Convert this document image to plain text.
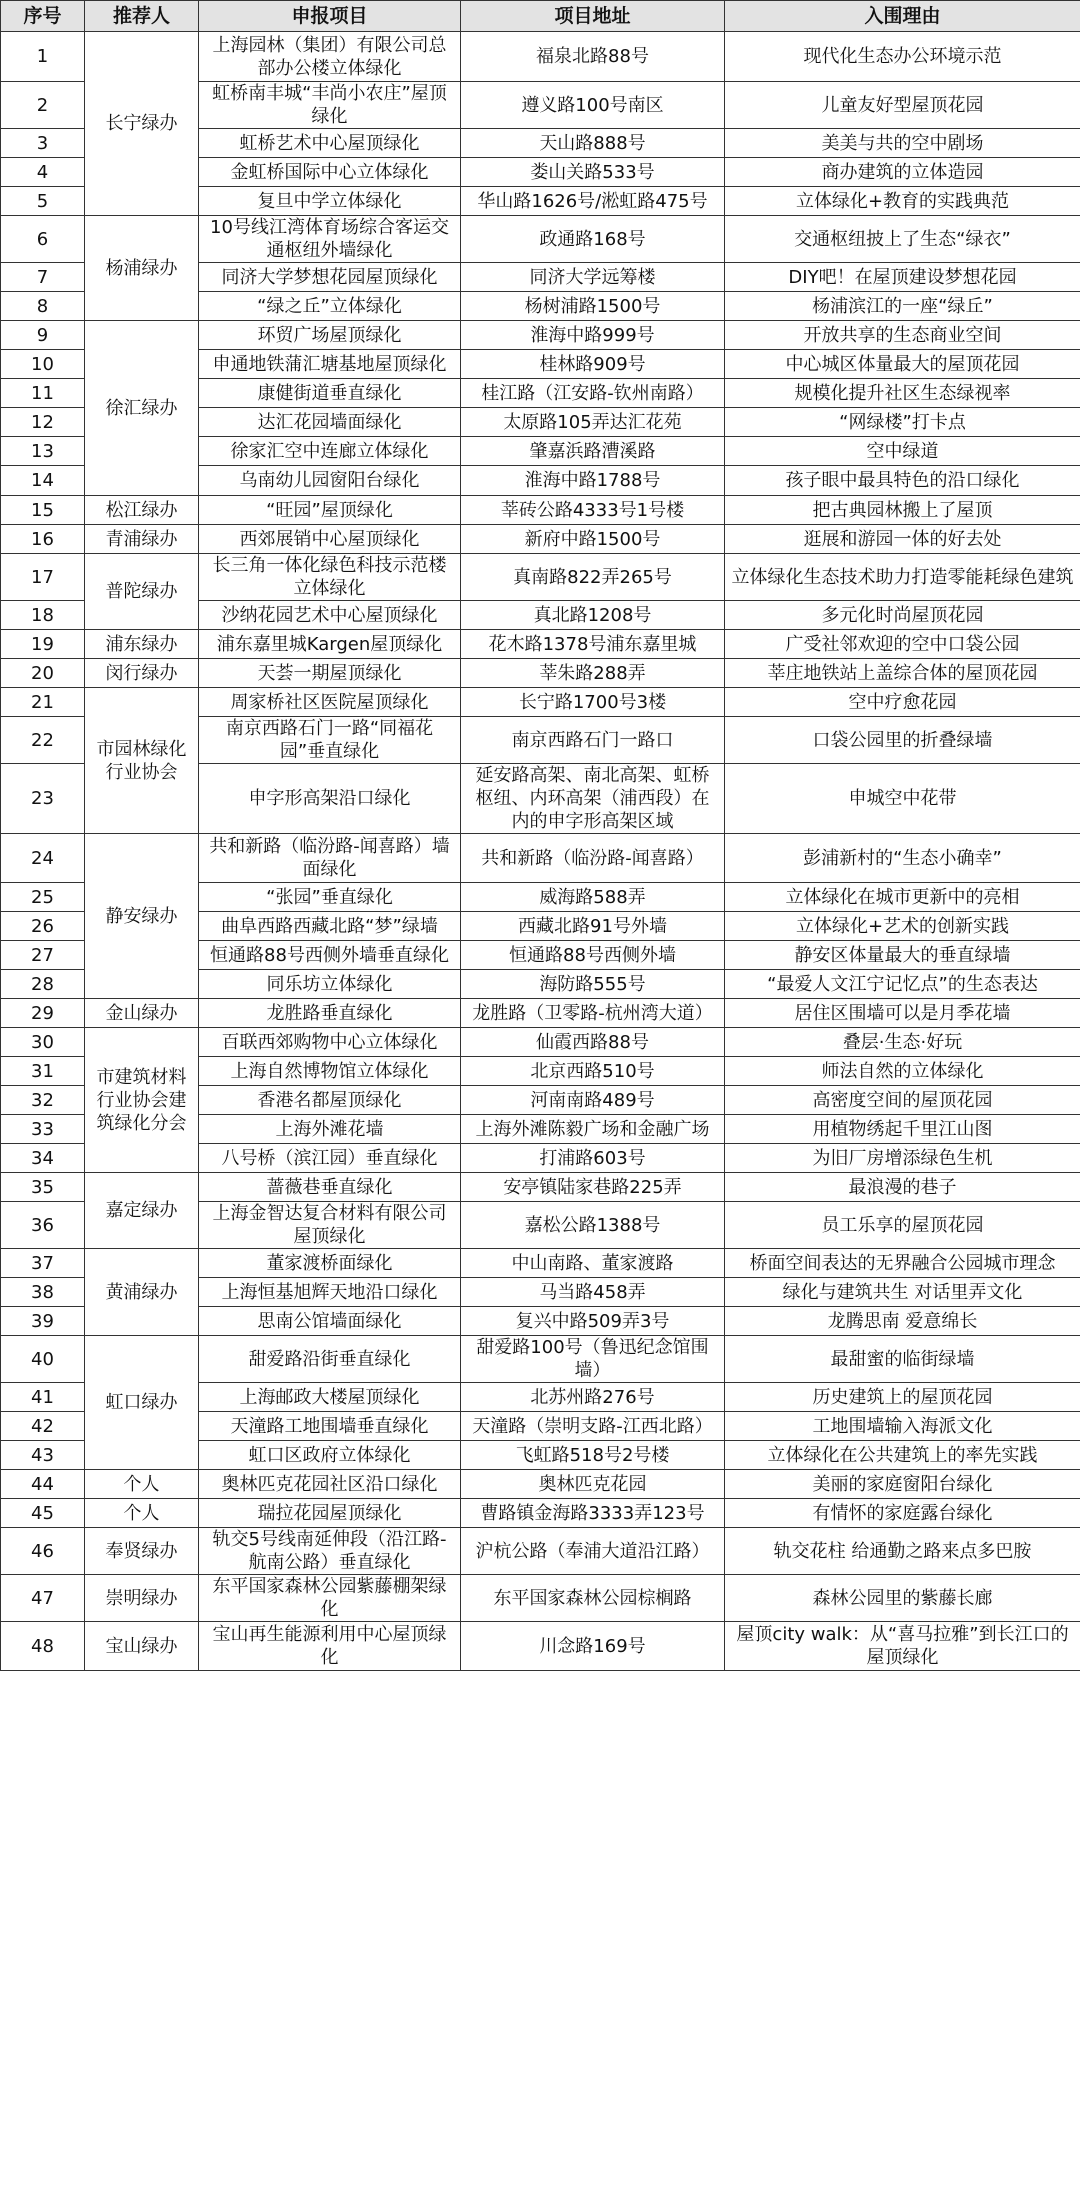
序号	推荐人	申报项目	项目地址	入围理由
1	长宁绿办	上海园林（集团）有限公司总部办公楼立体绿化	福泉北路88号	现代化生态办公环境示范
2		虹桥南丰城“丰尚小农庄”屋顶绿化	遵义路100号南区	儿童友好型屋顶花园
3		虹桥艺术中心屋顶绿化	天山路888号	美美与共的空中剧场
4		金虹桥国际中心立体绿化	娄山关路533号	商办建筑的立体造园
5		复旦中学立体绿化	华山路1626号/淞虹路475号	立体绿化+教育的实践典范
6	杨浦绿办	10号线江湾体育场综合客运交通枢纽外墙绿化	政通路168号	交通枢纽披上了生态“绿衣”
7		同济大学梦想花园屋顶绿化	同济大学远筹楼	DIY吧！在屋顶建设梦想花园
8		“绿之丘”立体绿化	杨树浦路1500号	杨浦滨江的一座“绿丘”
9	徐汇绿办	环贸广场屋顶绿化	淮海中路999号	开放共享的生态商业空间
10		申通地铁蒲汇塘基地屋顶绿化	桂林路909号	中心城区体量最大的屋顶花园
11		康健街道垂直绿化	桂江路（江安路-钦州南路）	规模化提升社区生态绿视率
12		达汇花园墙面绿化	太原路105弄达汇花苑	“网绿楼”打卡点
13		徐家汇空中连廊立体绿化	肇嘉浜路漕溪路	空中绿道
14		乌南幼儿园窗阳台绿化	淮海中路1788号	孩子眼中最具特色的沿口绿化
15	松江绿办	“旺园”屋顶绿化	莘砖公路4333号1号楼	把古典园林搬上了屋顶
16	青浦绿办	西郊展销中心屋顶绿化	新府中路1500号	逛展和游园一体的好去处
17	普陀绿办	长三角一体化绿色科技示范楼立体绿化	真南路822弄265号	立体绿化生态技术助力打造零能耗绿色建筑
18		沙纳花园艺术中心屋顶绿化	真北路1208号	多元化时尚屋顶花园
19	浦东绿办	浦东嘉里城Kargen屋顶绿化	花木路1378号浦东嘉里城	广受社邻欢迎的空中口袋公园
20	闵行绿办	天荟一期屋顶绿化	莘朱路288弄	莘庄地铁站上盖综合体的屋顶花园
21	市园林绿化行业协会	周家桥社区医院屋顶绿化	长宁路1700号3楼	空中疗愈花园
22		南京西路石门一路“同福花园”垂直绿化	南京西路石门一路口	口袋公园里的折叠绿墙
23		申字形高架沿口绿化	延安路高架、南北高架、虹桥枢纽、内环高架（浦西段）在内的申字形高架区域	申城空中花带
24	静安绿办	共和新路（临汾路-闻喜路）墙面绿化	共和新路（临汾路-闻喜路）	彭浦新村的“生态小确幸”
25		“张园”垂直绿化	威海路588弄	立体绿化在城市更新中的亮相
26		曲阜西路西藏北路“梦”绿墙	西藏北路91号外墙	立体绿化+艺术的创新实践
27		恒通路88号西侧外墙垂直绿化	恒通路88号西侧外墙	静安区体量最大的垂直绿墙
28		同乐坊立体绿化	海防路555号	“最爱人文江宁记忆点”的生态表达
29	金山绿办	龙胜路垂直绿化	龙胜路（卫零路-杭州湾大道）	居住区围墙可以是月季花墙
30	市建筑材料行业协会建筑绿化分会	百联西郊购物中心立体绿化	仙霞西路88号	叠层·生态·好玩
31		上海自然博物馆立体绿化	北京西路510号	师法自然的立体绿化
32		香港名都屋顶绿化	河南南路489号	高密度空间的屋顶花园
33		上海外滩花墙	上海外滩陈毅广场和金融广场	用植物绣起千里江山图
34		八号桥（滨江园）垂直绿化	打浦路603号	为旧厂房增添绿色生机
35	嘉定绿办	蔷薇巷垂直绿化	安亭镇陆家巷路225弄	最浪漫的巷子
36		上海金智达复合材料有限公司屋顶绿化	嘉松公路1388号	员工乐享的屋顶花园
37	黄浦绿办	董家渡桥面绿化	中山南路、董家渡路	桥面空间表达的无界融合公园城市理念
38		上海恒基旭辉天地沿口绿化	马当路458弄	绿化与建筑共生 对话里弄文化
39		思南公馆墙面绿化	复兴中路509弄3号	龙腾思南 爱意绵长
40	虹口绿办	甜爱路沿街垂直绿化	甜爱路100号（鲁迅纪念馆围墙）	最甜蜜的临街绿墙
41		上海邮政大楼屋顶绿化	北苏州路276号	历史建筑上的屋顶花园
42		天潼路工地围墙垂直绿化	天潼路（崇明支路-江西北路）	工地围墙输入海派文化
43		虹口区政府立体绿化	飞虹路518号2号楼	立体绿化在公共建筑上的率先实践
44	个人	奥林匹克花园社区沿口绿化	奥林匹克花园	美丽的家庭窗阳台绿化
45	个人	瑞拉花园屋顶绿化	曹路镇金海路3333弄123号	有情怀的家庭露台绿化
46	奉贤绿办	轨交5号线南延伸段（沿江路-航南公路）垂直绿化	沪杭公路（奉浦大道沿江路）	轨交花柱 给通勤之路来点多巴胺
47	崇明绿办	东平国家森林公园紫藤棚架绿化	东平国家森林公园棕榈路	森林公园里的紫藤长廊
48	宝山绿办	宝山再生能源利用中心屋顶绿化	川念路169号	屋顶city walk：从“喜马拉雅”到长江口的屋顶绿化
